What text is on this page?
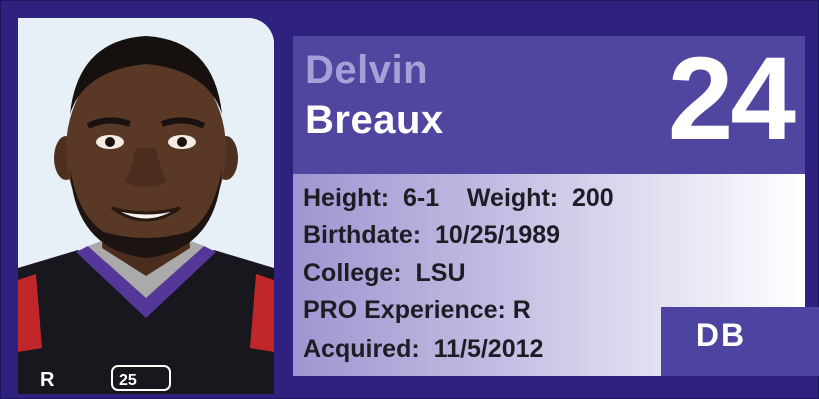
R	25
Delvin
Breaux 24
Height:  6-1    Weight:  200
Birthdate:  10/25/1989
College:  LSU
PRO Experience: R
Acquired:  11/5/2012	DB
